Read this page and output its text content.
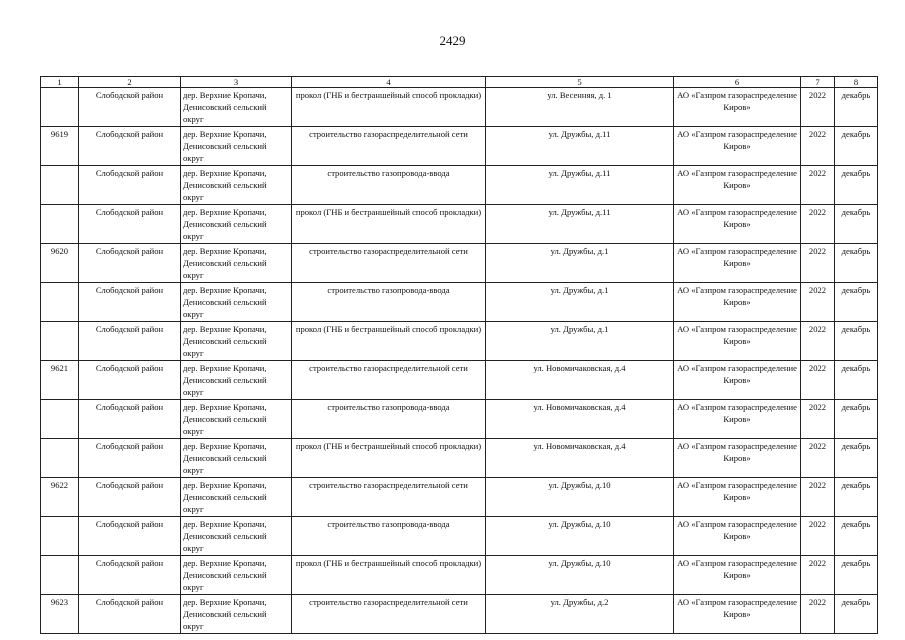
2429
1	2	3	4	5	6	7	8
	Слободской район	дер. Верхние Кропачи, Денисовский сельский округ	прокол (ГНБ и бестраншейный способ прокладки)	ул. Весенняя, д. 1	АО «Газпром газораспределение Киров»	2022	декабрь
9619	Слободской район	дер. Верхние Кропачи, Денисовский сельский округ	строительство газораспределительной сети	ул. Дружбы, д.11	АО «Газпром газораспределение Киров»	2022	декабрь
	Слободской район	дер. Верхние Кропачи, Денисовский сельский округ	строительство газопровода-ввода	ул. Дружбы, д.11	АО «Газпром газораспределение Киров»	2022	декабрь
	Слободской район	дер. Верхние Кропачи, Денисовский сельский округ	прокол (ГНБ и бестраншейный способ прокладки)	ул. Дружбы, д.11	АО «Газпром газораспределение Киров»	2022	декабрь
9620	Слободской район	дер. Верхние Кропачи, Денисовский сельский округ	строительство газораспределительной сети	ул. Дружбы, д.1	АО «Газпром газораспределение Киров»	2022	декабрь
	Слободской район	дер. Верхние Кропачи, Денисовский сельский округ	строительство газопровода-ввода	ул. Дружбы, д.1	АО «Газпром газораспределение Киров»	2022	декабрь
	Слободской район	дер. Верхние Кропачи, Денисовский сельский округ	прокол (ГНБ и бестраншейный способ прокладки)	ул. Дружбы, д.1	АО «Газпром газораспределение Киров»	2022	декабрь
9621	Слободской район	дер. Верхние Кропачи, Денисовский сельский округ	строительство газораспределительной сети	ул. Новомичаковская, д.4	АО «Газпром газораспределение Киров»	2022	декабрь
	Слободской район	дер. Верхние Кропачи, Денисовский сельский округ	строительство газопровода-ввода	ул. Новомичаковская, д.4	АО «Газпром газораспределение Киров»	2022	декабрь
	Слободской район	дер. Верхние Кропачи, Денисовский сельский округ	прокол (ГНБ и бестраншейный способ прокладки)	ул. Новомичаковская, д.4	АО «Газпром газораспределение Киров»	2022	декабрь
9622	Слободской район	дер. Верхние Кропачи, Денисовский сельский округ	строительство газораспределительной сети	ул. Дружбы, д.10	АО «Газпром газораспределение Киров»	2022	декабрь
	Слободской район	дер. Верхние Кропачи, Денисовский сельский округ	строительство газопровода-ввода	ул. Дружбы, д.10	АО «Газпром газораспределение Киров»	2022	декабрь
	Слободской район	дер. Верхние Кропачи, Денисовский сельский округ	прокол (ГНБ и бестраншейный способ прокладки)	ул. Дружбы, д.10	АО «Газпром газораспределение Киров»	2022	декабрь
9623	Слободской район	дер. Верхние Кропачи, Денисовский сельский округ	строительство газораспределительной сети	ул. Дружбы, д.2	АО «Газпром газораспределение Киров»	2022	декабрь
